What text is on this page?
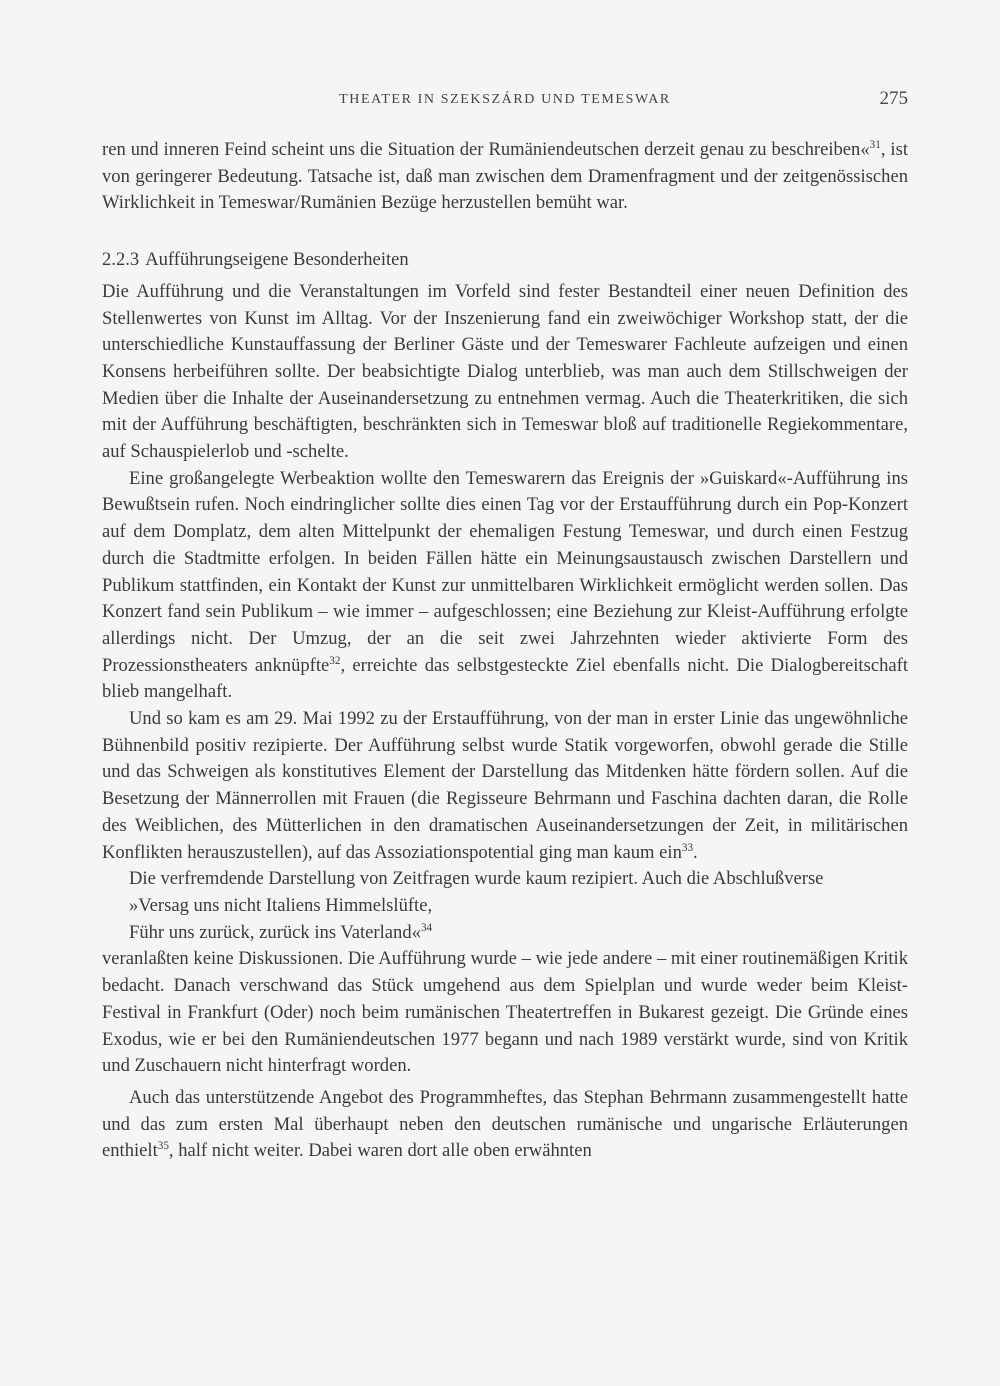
THEATER IN SZEKSZÁRD UND TEMESWAR	275

ren und inneren Feind scheint uns die Situation der Rumäniendeutschen derzeit genau zu beschreiben«$^{31}$, ist von geringerer Bedeutung. Tatsache ist, daß man zwischen dem Dramenfragment und der zeitgenössischen Wirklichkeit in Temeswar/Rumänien Bezüge herzustellen bemüht war.

2.2.3 Aufführungseigene Besonderheiten

Die Aufführung und die Veranstaltungen im Vorfeld sind fester Bestandteil einer neuen Definition des Stellenwertes von Kunst im Alltag. Vor der Inszenierung fand ein zweiwöchiger Workshop statt, der die unterschiedliche Kunstauffassung der Berliner Gäste und der Temeswarer Fachleute aufzeigen und einen Konsens herbeiführen sollte. Der beabsichtigte Dialog unterblieb, was man auch dem Stillschweigen der Medien über die Inhalte der Auseinandersetzung zu entnehmen vermag. Auch die Theaterkritiken, die sich mit der Aufführung beschäftigten, beschränkten sich in Temeswar bloß auf traditionelle Regiekommentare, auf Schauspielerlob und -schelte.

Eine großangelegte Werbeaktion wollte den Temeswarern das Ereignis der »Guiskard«-Aufführung ins Bewußtsein rufen. Noch eindringlicher sollte dies einen Tag vor der Erstaufführung durch ein Pop-Konzert auf dem Domplatz, dem alten Mittelpunkt der ehemaligen Festung Temeswar, und durch einen Festzug durch die Stadtmitte erfolgen. In beiden Fällen hätte ein Meinungsaustausch zwischen Darstellern und Publikum stattfinden, ein Kontakt der Kunst zur unmittelbaren Wirklichkeit ermöglicht werden sollen. Das Konzert fand sein Publikum – wie immer – aufgeschlossen; eine Beziehung zur Kleist-Aufführung erfolgte allerdings nicht. Der Umzug, der an die seit zwei Jahrzehnten wieder aktivierte Form des Prozessionstheaters anknüpfte$^{32}$, erreichte das selbstgesteckte Ziel ebenfalls nicht. Die Dialogbereitschaft blieb mangelhaft.

Und so kam es am 29. Mai 1992 zu der Erstaufführung, von der man in erster Linie das ungewöhnliche Bühnenbild positiv rezipierte. Der Aufführung selbst wurde Statik vorgeworfen, obwohl gerade die Stille und das Schweigen als konstitutives Element der Darstellung das Mitdenken hätte fördern sollen. Auf die Besetzung der Männerrollen mit Frauen (die Regisseure Behrmann und Faschina dachten daran, die Rolle des Weiblichen, des Mütterlichen in den dramatischen Auseinandersetzungen der Zeit, in militärischen Konflikten herauszustellen), auf das Assoziationspotential ging man kaum ein$^{33}$.

Die verfremdende Darstellung von Zeitfragen wurde kaum rezipiert. Auch die Abschlußverse

»Versag uns nicht Italiens Himmelslüfte,

Führ uns zurück, zurück ins Vaterland«$^{34}$

veranlaßten keine Diskussionen. Die Aufführung wurde – wie jede andere – mit einer routinemäßigen Kritik bedacht. Danach verschwand das Stück umgehend aus dem Spielplan und wurde weder beim Kleist-Festival in Frankfurt (Oder) noch beim rumänischen Theatertreffen in Bukarest gezeigt. Die Gründe eines Exodus, wie er bei den Rumäniendeutschen 1977 begann und nach 1989 verstärkt wurde, sind von Kritik und Zuschauern nicht hinterfragt worden.

Auch das unterstützende Angebot des Programmheftes, das Stephan Behrmann zusammengestellt hatte und das zum ersten Mal überhaupt neben den deutschen rumänische und ungarische Erläuterungen enthielt$^{35}$, half nicht weiter. Dabei waren dort alle oben erwähnten
